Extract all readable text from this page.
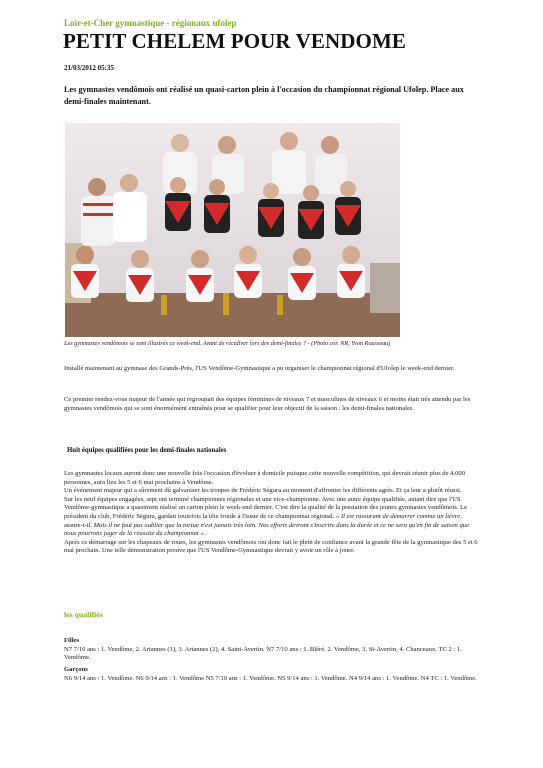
Loir-et-Cher gymnastique - régionaux ufolep
PETIT CHELEM POUR VENDOME
21/03/2012 05:35
Les gymnastes vendômois ont réalisé un quasi-carton plein à l'occasion du championnat régional Ufolep. Place aux demi-finales maintenant.
Les gymnastes vendômois se sont illustrés ce week-end. Avant de récidiver lors des demi-finales ? - (Photo cor. NR, Yvon Rousseau)
Installé maintenant au gymnase des Grands-Prés, l'US Vendôme-Gymnastique a pu organiser le championnat régional d'Ufolep le week-end dernier.
Ce premier rendez-vous majeur de l'année qui regroupait des équipes féminines de niveaux 7 et masculines de niveaux 6 et moins était très attendu par les gymnastes vendômois qui se sont énormément entraînés pour se qualifier pour leur objectif de la saison : les demi-finales nationales.
Huit équipes qualifiées pour les demi-finales nationales
Les gymnastes locaux auront donc une nouvelle fois l'occasion d'évoluer à domicile puisque cette nouvelle compétition, qui devrait réunir plus de 4.000 personnes, aura lieu les 5 et 6 mai prochains à Vendôme.
Un événement majeur qui a sûrement dû galvaniser les troupes de Frédéric Ségura au moment d'affronter les différents agrès. Et ça leur a plutôt réussi.
Sur les neuf équipes engagées, sept ont terminé championnes régionales et une vice-championne. Avec une autre équipe qualifiée, autant dire que l'US Vendôme-gymnastique a quasiment réalisé un carton plein le week-end dernier. C'est dire la qualité de la prestation des jeunes gymnastes vendômois. Le président du club, Frédéric Ségura, gardait toutefois la tête froide à l'issue de ce championnat régional. « Il est rassurant de démarrer comme un lièvre, assure-t-il. Mais il ne faut pas oublier que la tortue n'est jamais très loin. Nos efforts devront s'inscrire dans la durée et ce ne sera qu'en fin de saison que nous pourrons juger de la réussite du championnat ».
Après ce démarrage sur les chapeaux de roues, les gymnastes vendômois ont donc fait le plein de confiance avant la grande fête de la gymnastique des 5 et 6 mai prochain. Une telle démonstration prouve que l'US Vendôme-Gymnastique devrait y avoir un rôle à jouer.
les qualifiés
Filles
N7 7/10 ans : 1. Vendôme, 2. Artannes (1), 3. Artannes (2), 4. Saint-Avertin. N7 7/10 ans : 1. Bléré, 2. Vendôme, 3. St-Avertin, 4. Chanceaux. TC 2 : 1. Vendôme.
Garçons
N6 9/14 ans : 1. Vendôme. N6 9/14 ans : 1. Vendôme N5 7/10 ans : 1. Vendôme. N5 9/14 ans : 1. Vendôme. N4 9/14 ans : 1. Vendôme. N4 TC : 1. Vendôme.
